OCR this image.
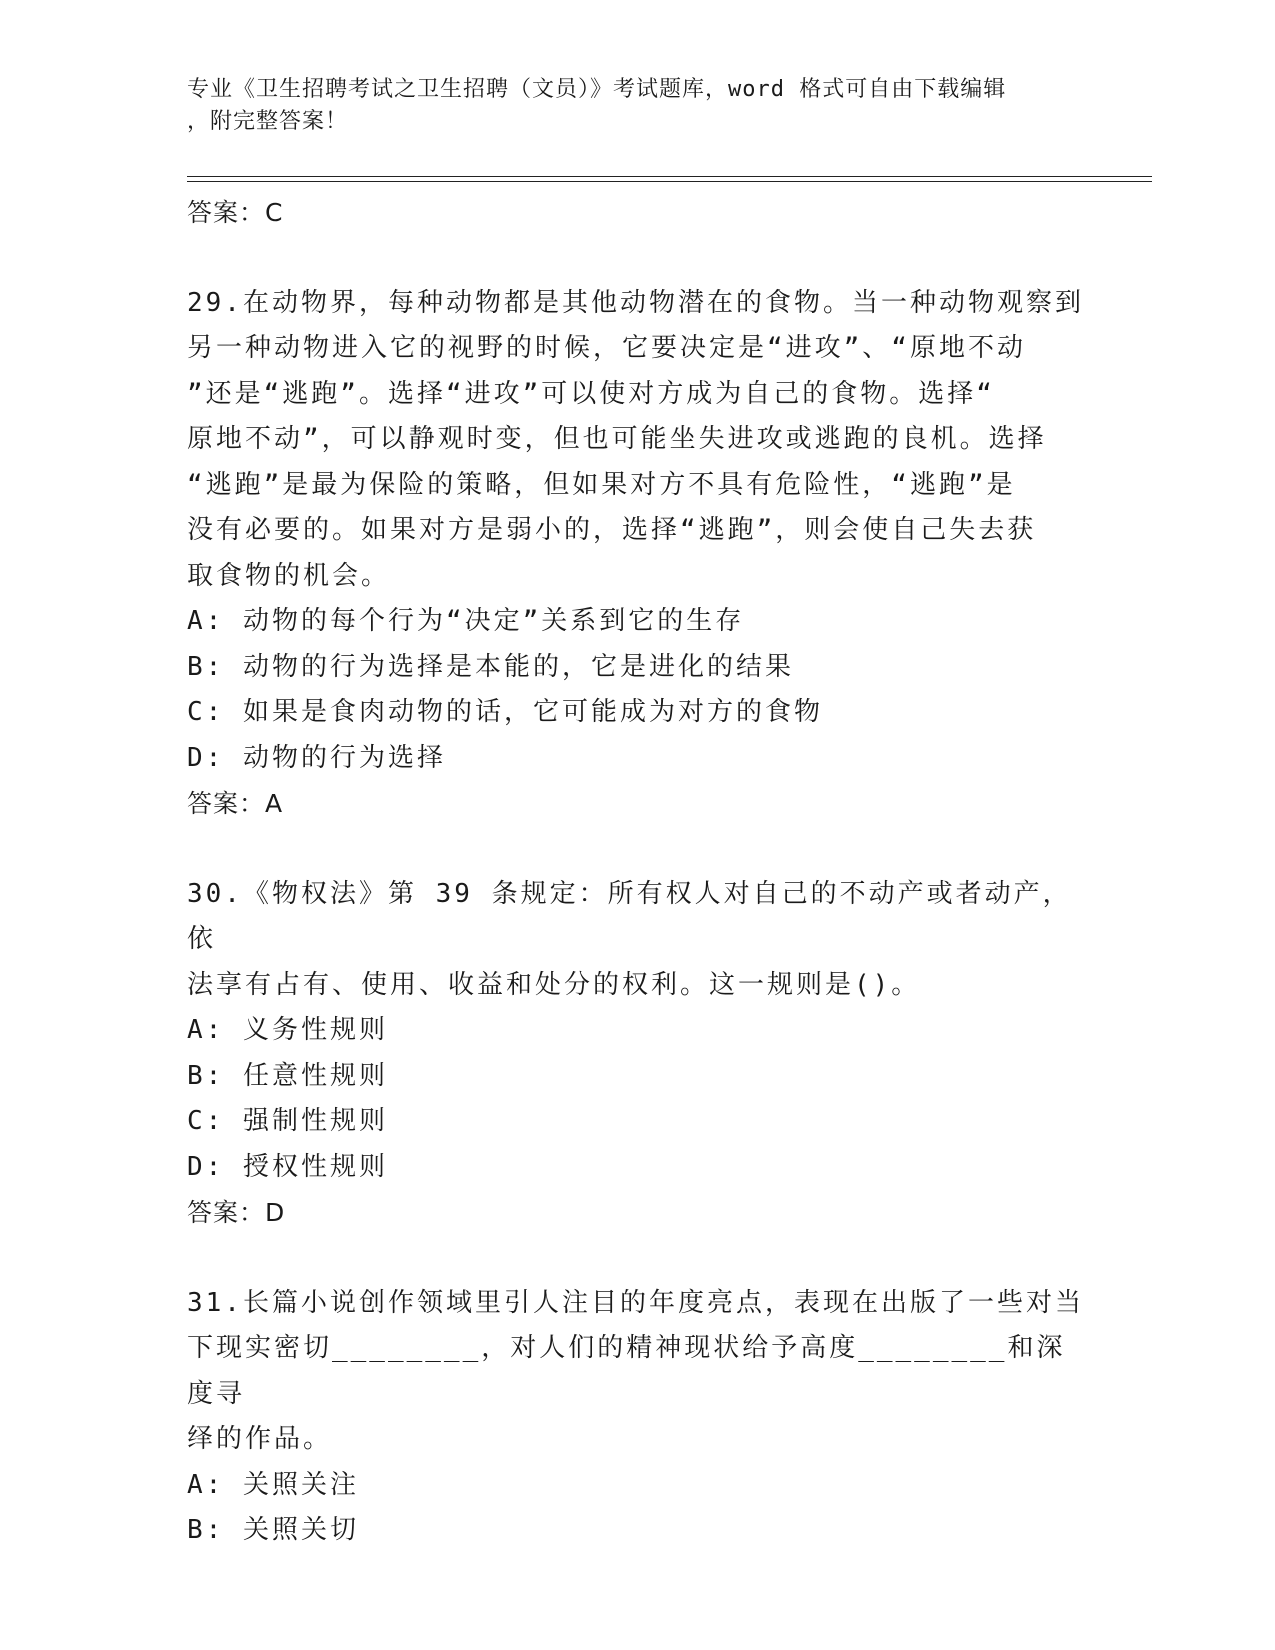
专业《卫生招聘考试之卫生招聘（文员）》考试题库，word 格式可自由下载编辑
，附完整答案！
答案：C
29.在动物界，每种动物都是其他动物潜在的食物。当一种动物观察到
另一种动物进入它的视野的时候，它要决定是“进攻”、“原地不动
”还是“逃跑”。选择“进攻”可以使对方成为自己的食物。选择“
原地不动”，可以静观时变，但也可能坐失进攻或逃跑的良机。选择
“逃跑”是最为保险的策略，但如果对方不具有危险性，“逃跑”是
没有必要的。如果对方是弱小的，选择“逃跑”，则会使自己失去获
取食物的机会。
A: 动物的每个行为“决定”关系到它的生存
B: 动物的行为选择是本能的，它是进化的结果
C: 如果是食肉动物的话，它可能成为对方的食物
D: 动物的行为选择
答案：A
30.《物权法》第 39 条规定：所有权人对自己的不动产或者动产，依
法享有占有、使用、收益和处分的权利。这一规则是()。
A: 义务性规则
B: 任意性规则
C: 强制性规则
D: 授权性规则
答案：D
31.长篇小说创作领域里引人注目的年度亮点，表现在出版了一些对当
下现实密切________，对人们的精神现状给予高度________和深度寻
绎的作品。
A: 关照关注
B: 关照关切
